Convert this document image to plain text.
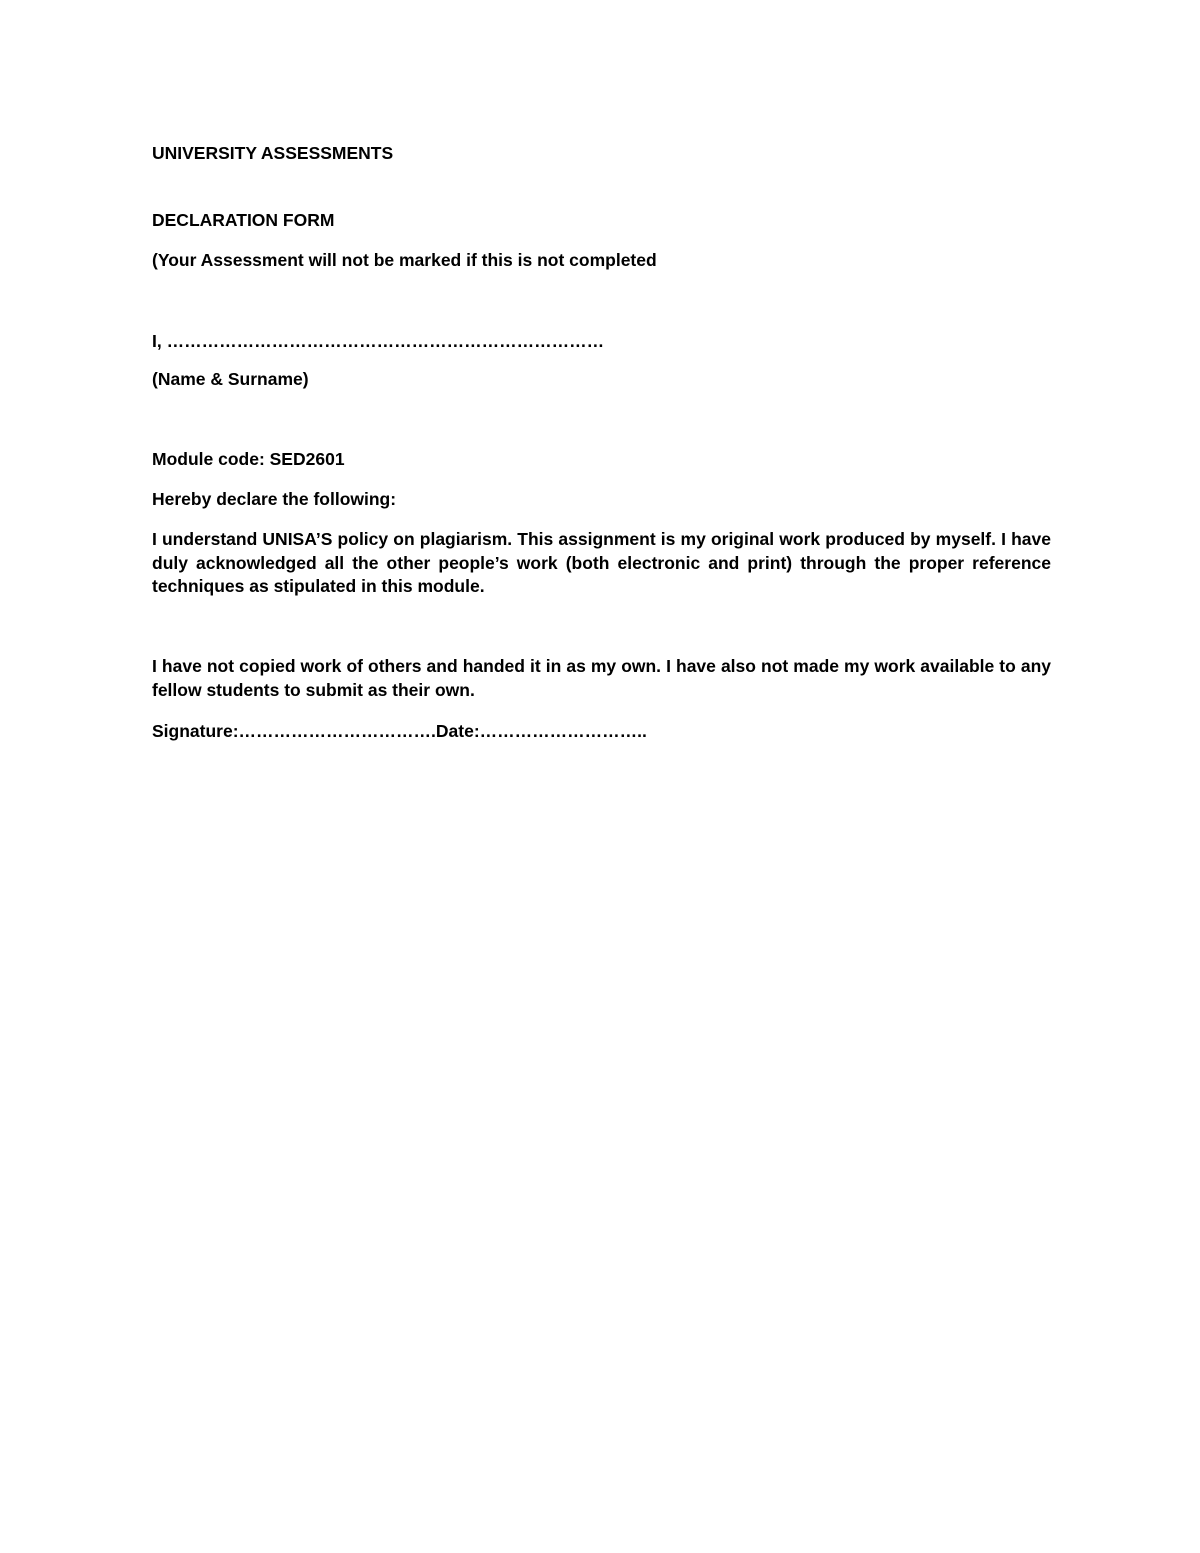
UNIVERSITY ASSESSMENTS

DECLARATION FORM

(Your Assessment will not be marked if this is not completed

I, …………………………………………………………………

(Name & Surname)

Module code: SED2601

Hereby declare the following:

I understand UNISA’S policy on plagiarism. This assignment is my original work produced by myself. I have duly acknowledged all the other people’s work (both electronic and print) through the proper reference techniques as stipulated in this module.

I have not copied work of others and handed it in as my own. I have also not made my work available to any fellow students to submit as their own.

Signature:…………………………….Date:………………………..
